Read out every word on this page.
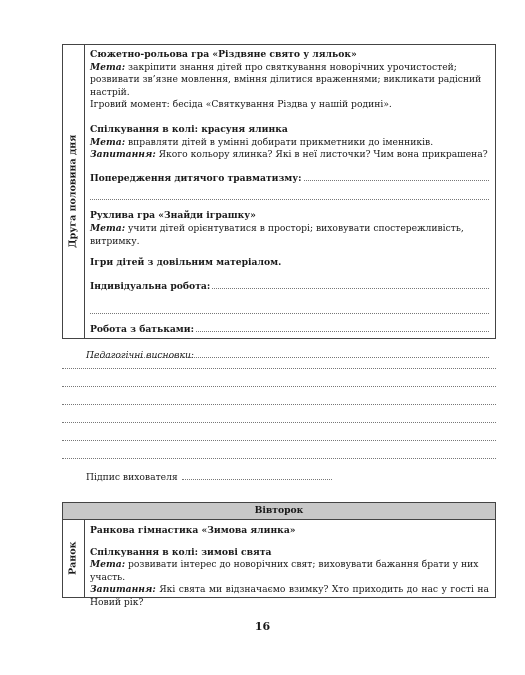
Друга половина дня

Сюжетно-рольова гра «Різдвяне свято у ляльок»

Мета: закріпити знання дітей про святкування новорічних урочистостей; розвивати зв’язне мовлення, вміння ділитися враженнями; викликати радісний настрій.

Ігровий момент: бесіда «Святкування Різдва у нашій родині».

Спілкування в колі: красуня ялинка

Мета: вправляти дітей в умінні добирати прикметники до іменників.

Запитання: Якого кольору ялинка? Які в неї листочки? Чим вона прикрашена?

Попередження дитячого травматизму:

Рухлива гра «Знайди іграшку»

Мета: учити дітей орієнтуватися в просторі; виховувати спостережливість, витримку.

Ігри дітей з довільним матеріалом.

Індивідуальна робота:
Робота з батьками:
Педагогічні висновки:
Підпис вихователя
Вівторок
Ранок

Ранкова гімнастика «Зимова ялинка»

Спілкування в колі: зимові свята

Мета: розвивати інтерес до новорічних свят; виховувати бажання брати у них участь.

Запитання: Які свята ми відзначаємо взимку? Хто приходить до нас у гості на Новий рік?

16
